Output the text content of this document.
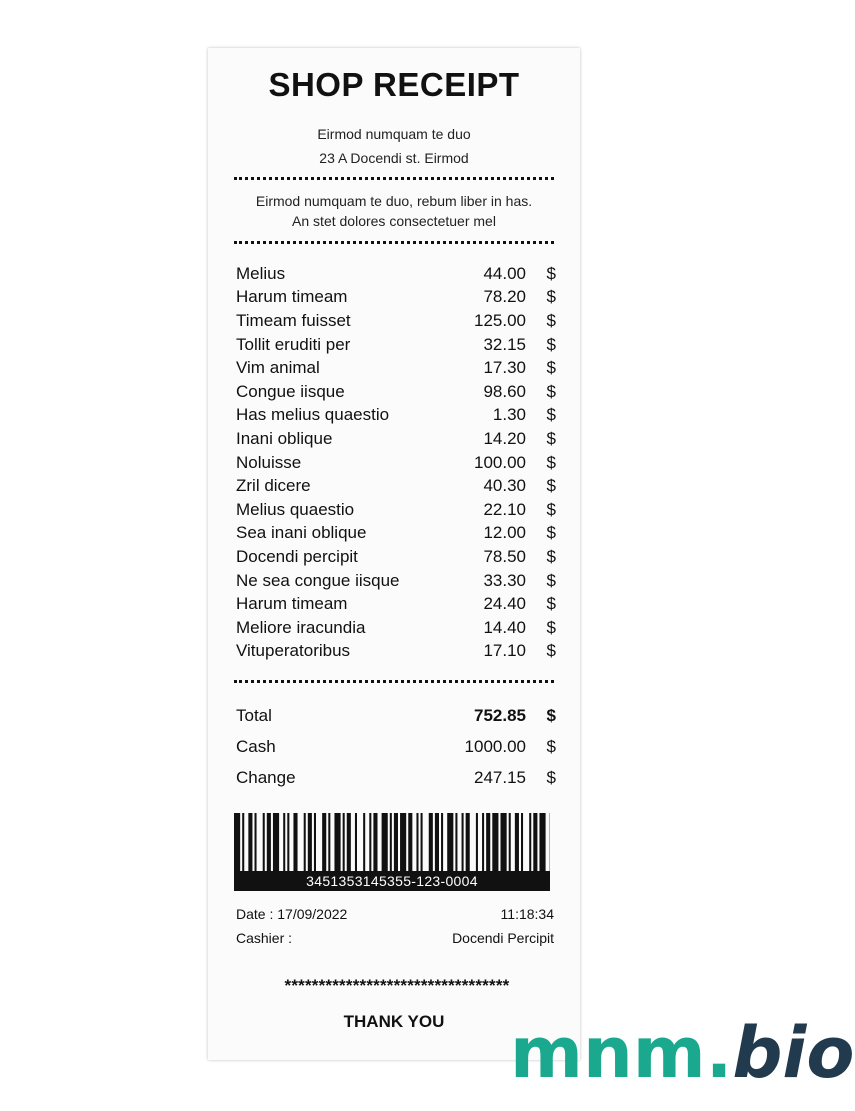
SHOP RECEIPT
Eirmod numquam te duo
23 A Docendi st. Eirmod
Eirmod numquam te duo, rebum liber in has.
An stet dolores consectetuer mel
Melius	44.00	$
Harum timeam	78.20	$
Timeam fuisset	125.00	$
Tollit eruditi per	32.15	$
Vim animal	17.30	$
Congue iisque	98.60	$
Has melius quaestio	1.30	$
Inani oblique	14.20	$
Noluisse	100.00	$
Zril dicere	40.30	$
Melius quaestio	22.10	$
Sea inani oblique	12.00	$
Docendi percipit	78.50	$
Ne sea congue iisque	33.30	$
Harum timeam	24.40	$
Meliore iracundia	14.40	$
Vituperatoribus	17.10	$
Total	752.85	$
Cash	1000.00	$
Change	247.15	$
3451353145355-123-0004
Date : 17/09/2022	11:18:34
Cashier :	Docendi Percipit
*********************************
THANK YOU mnm.bio
